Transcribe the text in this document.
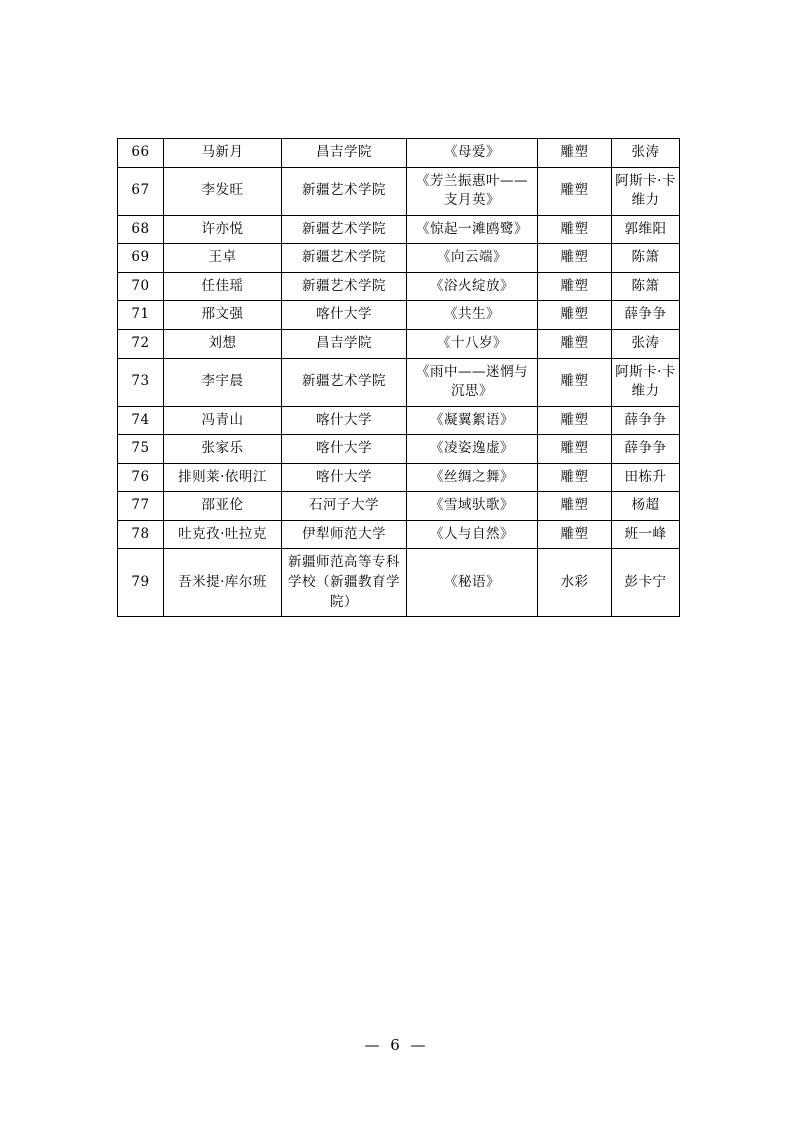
66	马新月	昌吉学院	《母爱》	雕塑	张涛
67	李发旺	新疆艺术学院	《芳兰振惠叶——支月英》	雕塑	阿斯卡·卡维力
68	许亦悦	新疆艺术学院	《惊起一滩鸥鹭》	雕塑	郭维阳
69	王卓	新疆艺术学院	《向云端》	雕塑	陈箫
70	任佳瑶	新疆艺术学院	《浴火绽放》	雕塑	陈箫
71	邢文强	喀什大学	《共生》	雕塑	薛争争
72	刘想	昌吉学院	《十八岁》	雕塑	张涛
73	李宇晨	新疆艺术学院	《雨中——迷惘与沉思》	雕塑	阿斯卡·卡维力
74	冯青山	喀什大学	《凝翼絮语》	雕塑	薛争争
75	张家乐	喀什大学	《凌姿逸虚》	雕塑	薛争争
76	排则莱·依明江	喀什大学	《丝绸之舞》	雕塑	田栋升
77	邵亚伦	石河子大学	《雪域驮歌》	雕塑	杨超
78	吐克孜·吐拉克	伊犁师范大学	《人与自然》	雕塑	班一峰
79	吾米提·库尔班	新疆师范高等专科学校（新疆教育学院）	《秘语》	水彩	彭卡宁
— 6 —
